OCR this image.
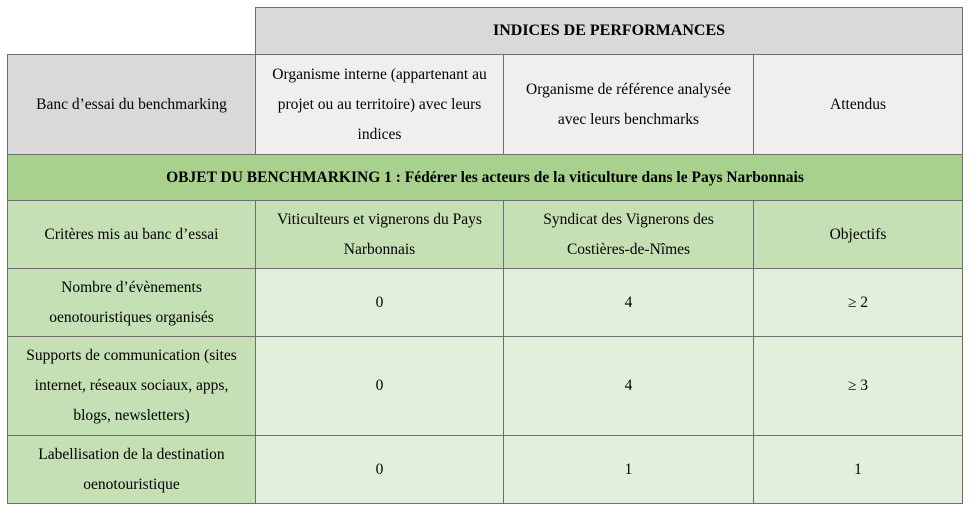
	INDICES DE PERFORMANCES		
Banc d’essai du benchmarking	Organisme interne (appartenant au projet ou au territoire) avec leurs indices	Organisme de référence analysée avec leurs benchmarks	Attendus
OBJET DU BENCHMARKING 1 : Fédérer les acteurs de la viticulture dans le Pays Narbonnais			
Critères mis au banc d’essai	Viticulteurs et vignerons du Pays Narbonnais	Syndicat des Vignerons des Costières-de-Nîmes	Objectifs
Nombre d’évènements oenotouristiques organisés	0	4	≥ 2
Supports de communication (sites internet, réseaux sociaux, apps, blogs, newsletters)	0	4	≥ 3
Labellisation de la destination oenotouristique	0	1	1
